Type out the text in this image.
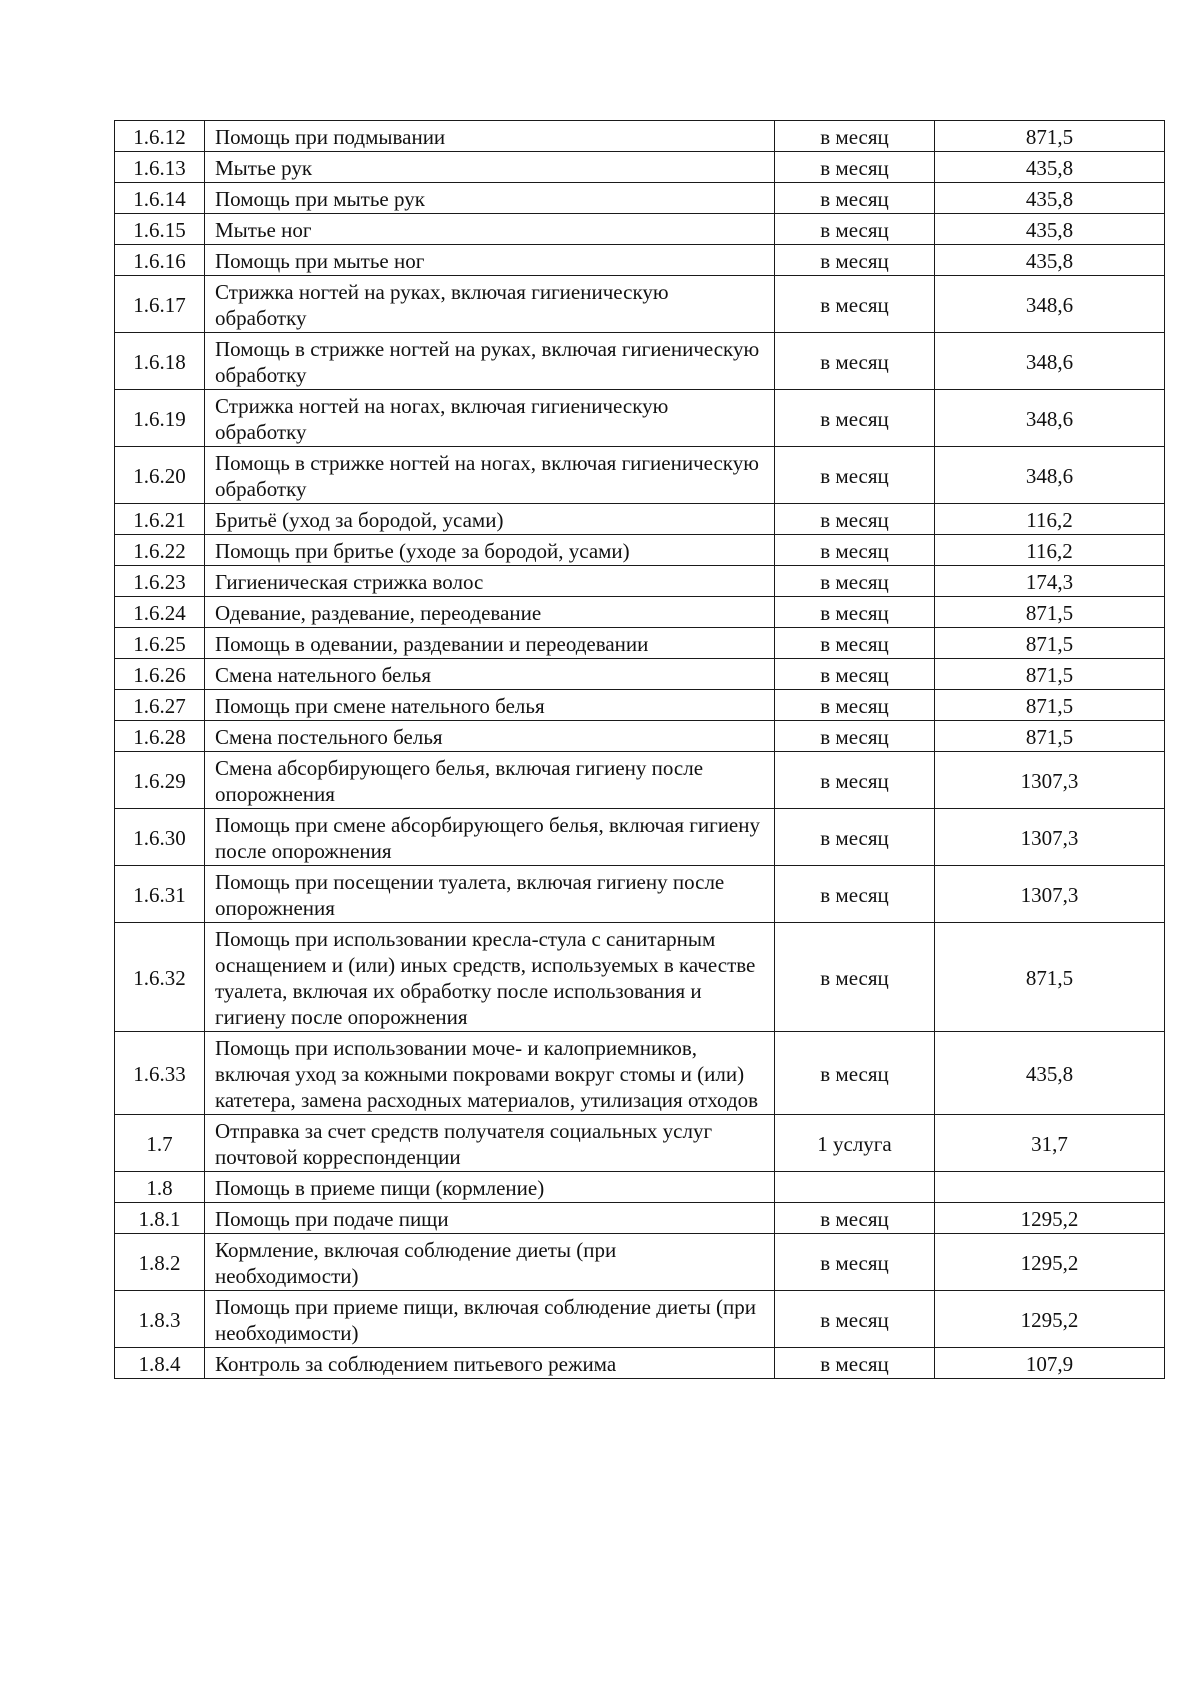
1.6.12	Помощь при подмывании	в месяц	871,5
1.6.13	Мытье рук	в месяц	435,8
1.6.14	Помощь при мытье рук	в месяц	435,8
1.6.15	Мытье ног	в месяц	435,8
1.6.16	Помощь при мытье ног	в месяц	435,8
1.6.17	Стрижка ногтей на руках, включая гигиеническую обработку	в месяц	348,6
1.6.18	Помощь в стрижке ногтей на руках, включая гигиеническую обработку	в месяц	348,6
1.6.19	Стрижка ногтей на ногах, включая гигиеническую обработку	в месяц	348,6
1.6.20	Помощь в стрижке ногтей на ногах, включая гигиеническую обработку	в месяц	348,6
1.6.21	Бритьё (уход за бородой, усами)	в месяц	116,2
1.6.22	Помощь при бритье (уходе за бородой, усами)	в месяц	116,2
1.6.23	Гигиеническая стрижка волос	в месяц	174,3
1.6.24	Одевание, раздевание, переодевание	в месяц	871,5
1.6.25	Помощь в одевании, раздевании и переодевании	в месяц	871,5
1.6.26	Смена нательного белья	в месяц	871,5
1.6.27	Помощь при смене нательного белья	в месяц	871,5
1.6.28	Смена постельного белья	в месяц	871,5
1.6.29	Смена абсорбирующего белья, включая гигиену после опорожнения	в месяц	1307,3
1.6.30	Помощь при смене абсорбирующего белья, включая гигиену после опорожнения	в месяц	1307,3
1.6.31	Помощь при посещении туалета, включая гигиену после опорожнения	в месяц	1307,3
1.6.32	Помощь при использовании кресла-стула с санитарным оснащением и (или) иных средств, используемых в качестве туалета, включая их обработку после использования и гигиену после опорожнения	в месяц	871,5
1.6.33	Помощь при использовании моче- и калоприемников, включая уход за кожными покровами вокруг стомы и (или) катетера, замена расходных материалов, утилизация отходов	в месяц	435,8
1.7	Отправка за счет средств получателя социальных услуг почтовой корреспонденции	1 услуга	31,7
1.8	Помощь в приеме пищи (кормление)		
1.8.1	Помощь при подаче пищи	в месяц	1295,2
1.8.2	Кормление, включая соблюдение диеты (при необходимости)	в месяц	1295,2
1.8.3	Помощь при приеме пищи, включая соблюдение диеты (при необходимости)	в месяц	1295,2
1.8.4	Контроль за соблюдением питьевого режима	в месяц	107,9
